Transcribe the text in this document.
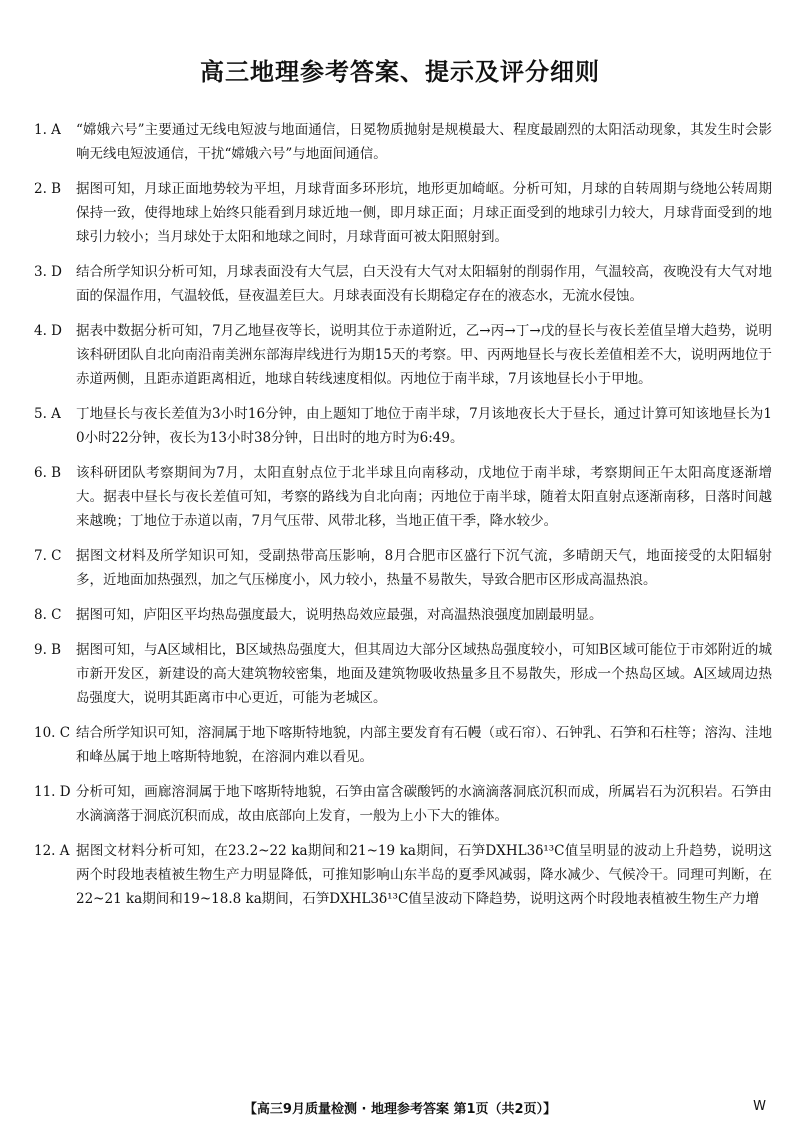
高三地理参考答案、提示及评分细则
1. A	“嫦娥六号”主要通过无线电短波与地面通信，日冕物质抛射是规模最大、程度最剧烈的太阳活动现象，其发生时会影响无线电短波通信，干扰“嫦娥六号”与地面间通信。
2. B	据图可知，月球正面地势较为平坦，月球背面多环形坑，地形更加崎岖。分析可知，月球的自转周期与绕地公转周期保持一致，使得地球上始终只能看到月球近地一侧，即月球正面；月球正面受到的地球引力较大，月球背面受到的地球引力较小；当月球处于太阳和地球之间时，月球背面可被太阳照射到。
3. D	结合所学知识分析可知，月球表面没有大气层，白天没有大气对太阳辐射的削弱作用，气温较高，夜晚没有大气对地面的保温作用，气温较低，昼夜温差巨大。月球表面没有长期稳定存在的液态水，无流水侵蚀。
4. D	据表中数据分析可知，7月乙地昼夜等长，说明其位于赤道附近，乙→丙→丁→戊的昼长与夜长差值呈增大趋势，说明该科研团队自北向南沿南美洲东部海岸线进行为期15天的考察。甲、丙两地昼长与夜长差值相差不大，说明两地位于赤道两侧，且距赤道距离相近，地球自转线速度相似。丙地位于南半球，7月该地昼长小于甲地。
5. A	丁地昼长与夜长差值为3小时16分钟，由上题知丁地位于南半球，7月该地夜长大于昼长，通过计算可知该地昼长为10小时22分钟，夜长为13小时38分钟，日出时的地方时为6:49。
6. B	该科研团队考察期间为7月，太阳直射点位于北半球且向南移动，戊地位于南半球，考察期间正午太阳高度逐渐增大。据表中昼长与夜长差值可知，考察的路线为自北向南；丙地位于南半球，随着太阳直射点逐渐南移，日落时间越来越晚；丁地位于赤道以南，7月气压带、风带北移，当地正值干季，降水较少。
7. C	据图文材料及所学知识可知，受副热带高压影响，8月合肥市区盛行下沉气流，多晴朗天气，地面接受的太阳辐射多，近地面加热强烈，加之气压梯度小，风力较小，热量不易散失，导致合肥市区形成高温热浪。
8. C	据图可知，庐阳区平均热岛强度最大，说明热岛效应最强，对高温热浪强度加剧最明显。
9. B	据图可知，与A区域相比，B区域热岛强度大，但其周边大部分区域热岛强度较小，可知B区域可能位于市郊附近的城市新开发区，新建设的高大建筑物较密集，地面及建筑物吸收热量多且不易散失，形成一个热岛区域。A区域周边热岛强度大，说明其距离市中心更近，可能为老城区。
10. C 结合所学知识可知，溶洞属于地下喀斯特地貌，内部主要发育有石幔（或石帘）、石钟乳、石笋和石柱等；溶沟、洼地和峰丛属于地上喀斯特地貌，在溶洞内难以看见。
11. D 分析可知，画廊溶洞属于地下喀斯特地貌，石笋由富含碳酸钙的水滴滴落洞底沉积而成，所属岩石为沉积岩。石笋由水滴滴落于洞底沉积而成，故由底部向上发育，一般为上小下大的锥体。
12. A 据图文材料分析可知，在23.2~22 ka期间和21~19 ka期间，石笋DXHL3δ¹³C值呈明显的波动上升趋势，说明这两个时段地表植被生物生产力明显降低，可推知影响山东半岛的夏季风减弱，降水减少、气候冷干。同理可判断，在22~21 ka期间和19~18.8 ka期间，石笋DXHL3δ¹³C值呈波动下降趋势，说明这两个时段地表植被生物生产力增
【高三9月质量检测 · 地理参考答案 第1页（共2页）】	W
